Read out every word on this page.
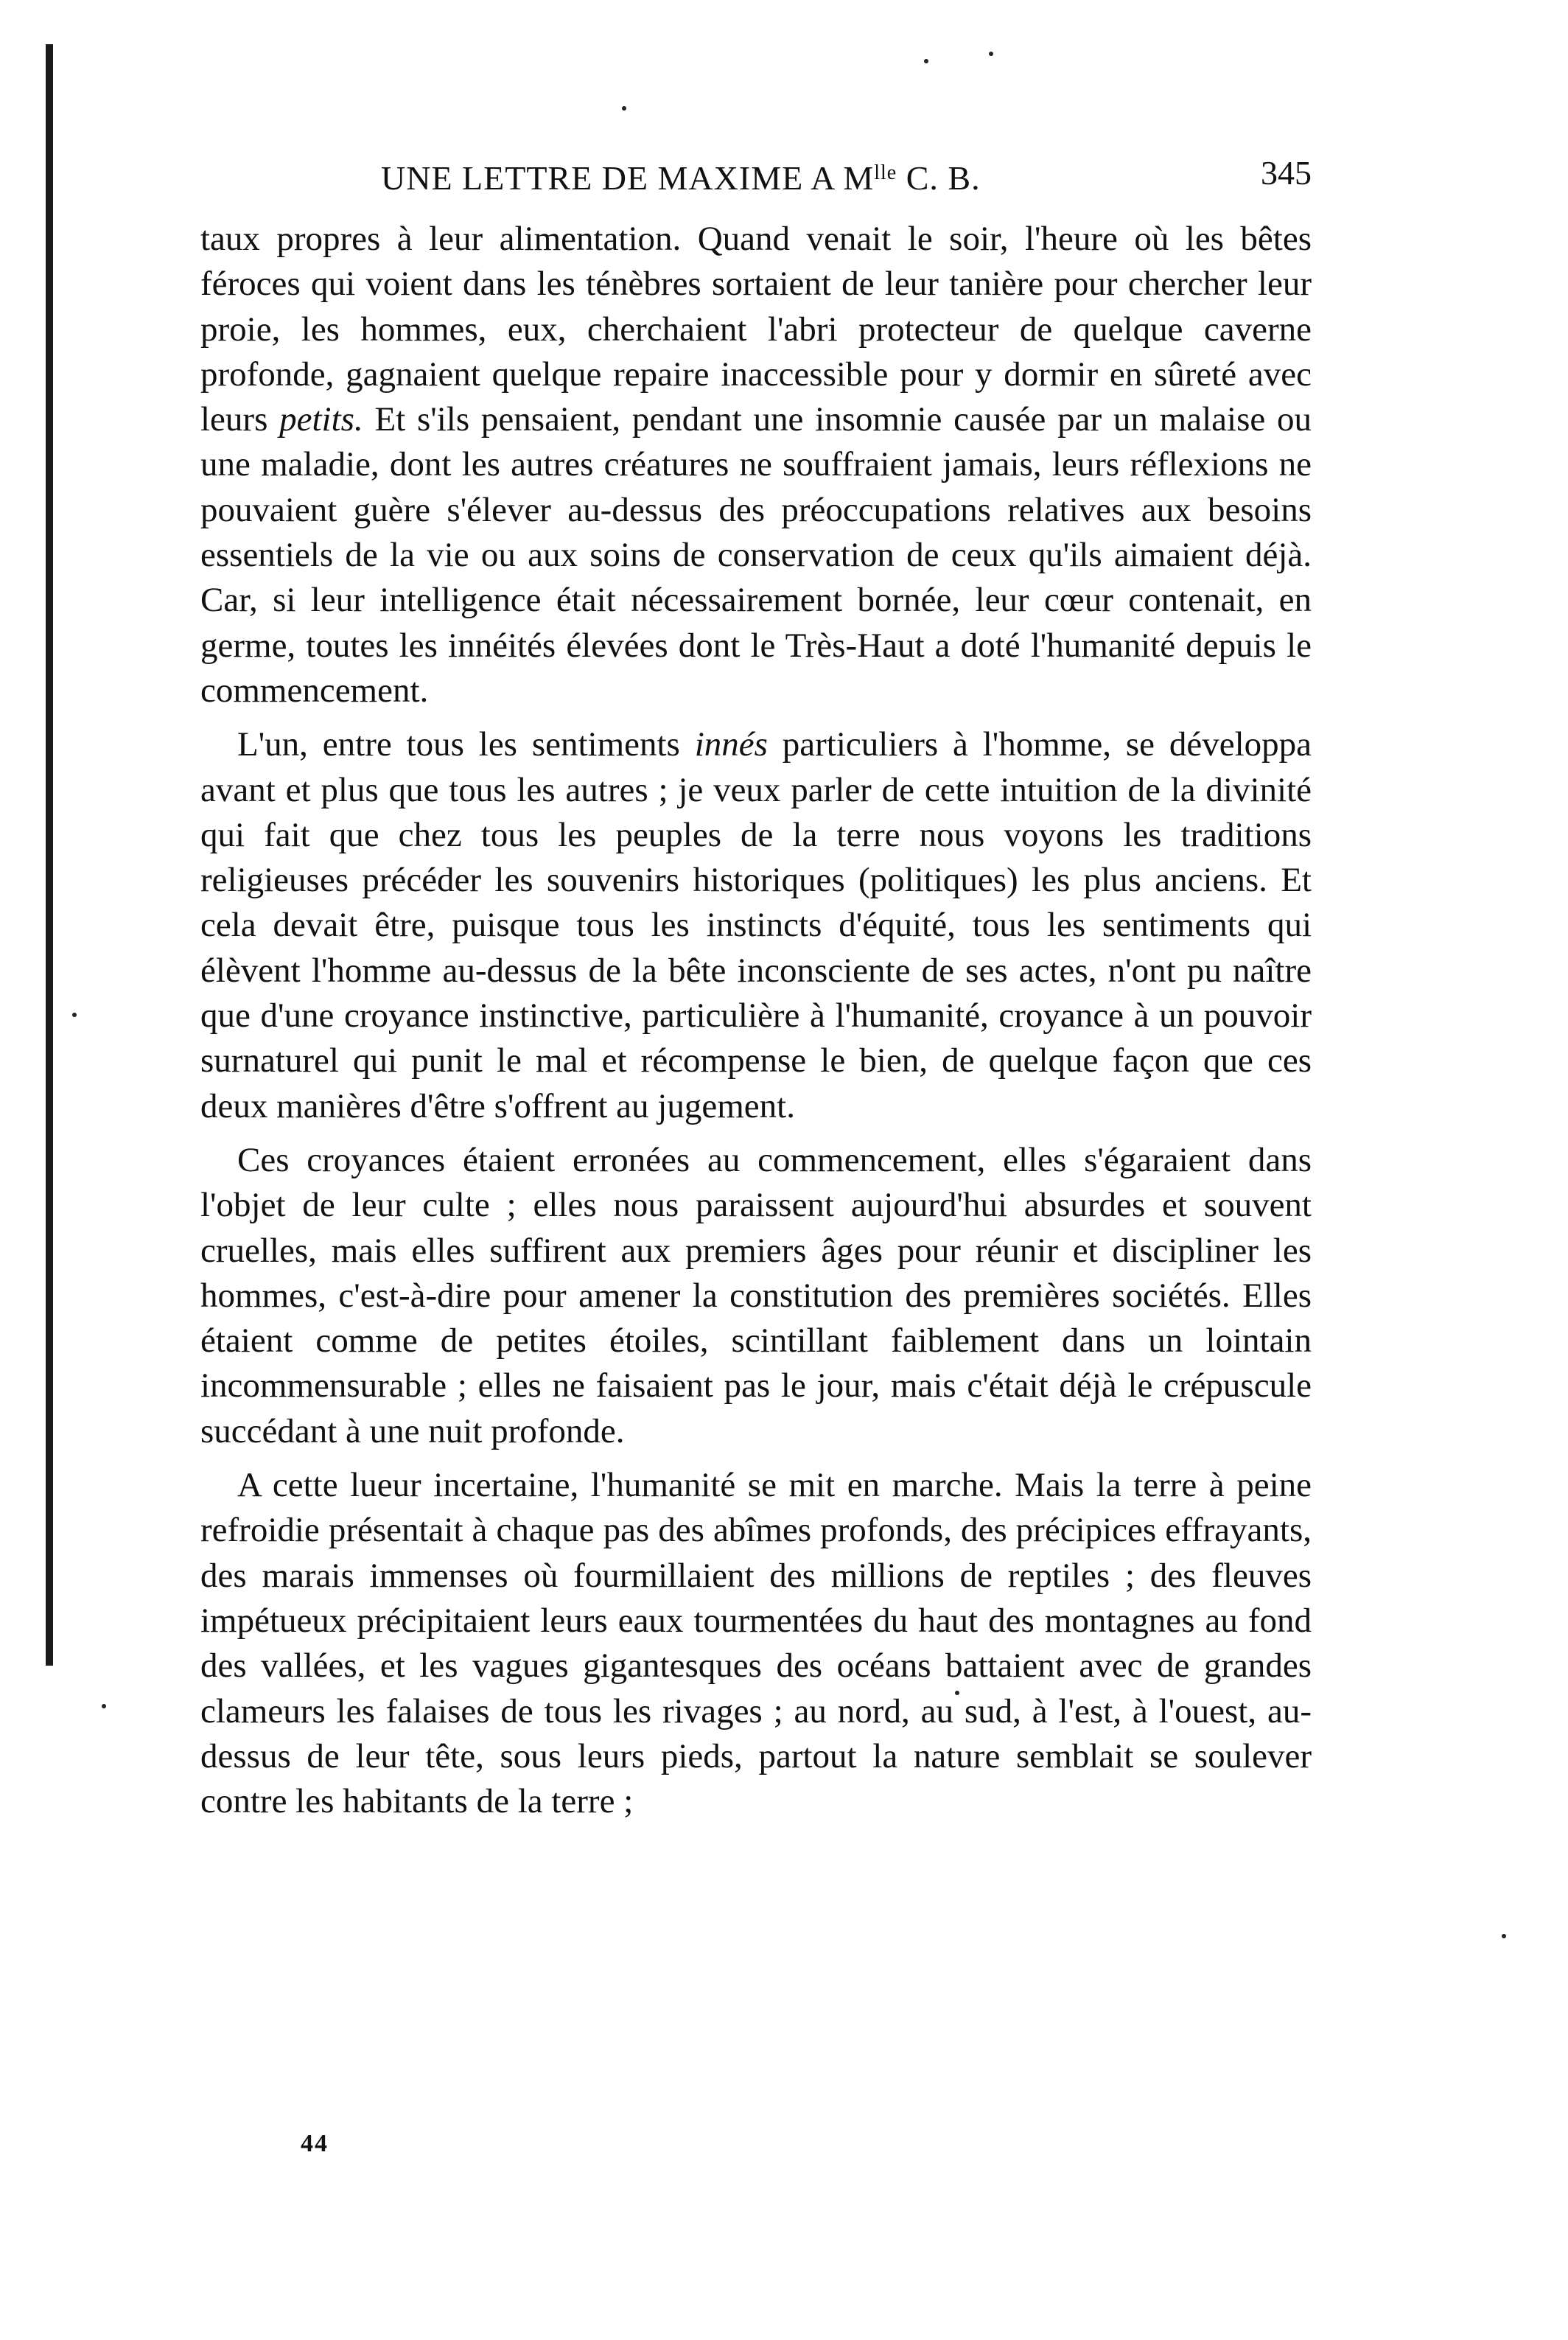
UNE LETTRE DE MAXIME A $M^{lle}$ C. B.	345

taux propres à leur alimentation. Quand venait le soir, l'heure où les bêtes féroces qui voient dans les ténèbres sortaient de leur tanière pour chercher leur proie, les hommes, eux, cherchaient l'abri protecteur de quelque caverne profonde, gagnaient quelque repaire inaccessible pour y dormir en sûreté avec leurs petits. Et s'ils pensaient, pendant une insomnie causée par un malaise ou une maladie, dont les autres créatures ne souffraient jamais, leurs réflexions ne pouvaient guère s'élever au-dessus des préoccupations relatives aux besoins essentiels de la vie ou aux soins de conservation de ceux qu'ils aimaient déjà. Car, si leur intelligence était nécessairement bornée, leur cœur contenait, en germe, toutes les innéités élevées dont le Très-Haut a doté l'humanité depuis le commencement.

L'un, entre tous les sentiments innés particuliers à l'homme, se développa avant et plus que tous les autres ; je veux parler de cette intuition de la divinité qui fait que chez tous les peuples de la terre nous voyons les traditions religieuses précéder les souvenirs historiques (politiques) les plus anciens. Et cela devait être, puisque tous les instincts d'équité, tous les sentiments qui élèvent l'homme au-dessus de la bête inconsciente de ses actes, n'ont pu naître que d'une croyance instinctive, particulière à l'humanité, croyance à un pouvoir surnaturel qui punit le mal et récompense le bien, de quelque façon que ces deux manières d'être s'offrent au jugement.

Ces croyances étaient erronées au commencement, elles s'égaraient dans l'objet de leur culte ; elles nous paraissent aujourd'hui absurdes et souvent cruelles, mais elles suffirent aux premiers âges pour réunir et discipliner les hommes, c'est-à-dire pour amener la constitution des premières sociétés. Elles étaient comme de petites étoiles, scintillant faiblement dans un lointain incommensurable ; elles ne faisaient pas le jour, mais c'était déjà le crépuscule succédant à une nuit profonde.

A cette lueur incertaine, l'humanité se mit en marche. Mais la terre à peine refroidie présentait à chaque pas des abîmes profonds, des précipices effrayants, des marais immenses où fourmillaient des millions de reptiles ; des fleuves impétueux précipitaient leurs eaux tourmentées du haut des montagnes au fond des vallées, et les vagues gigantesques des océans battaient avec de grandes clameurs les falaises de tous les rivages ; au nord, au sud, à l'est, à l'ouest, au-dessus de leur tête, sous leurs pieds, partout la nature semblait se soulever contre les habitants de la terre ;

44
